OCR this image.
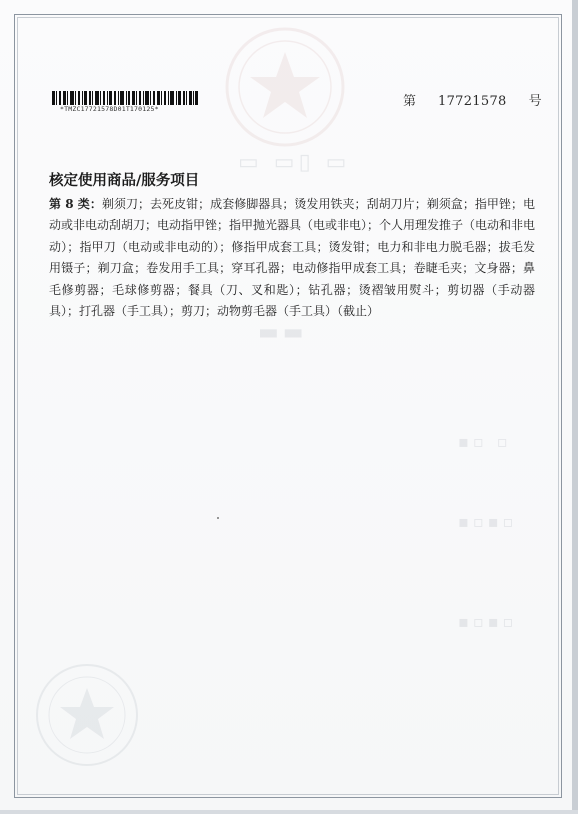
▭ ▭▯ ▭
▬▬
▪▫ ▫
▪▫▪▫
▪▫▪▫
*TMZC17721578D01T170125*	第 17721578 号
核定使用商品/服务项目
第 8 类：剃须刀；去死皮钳；成套修脚器具；烫发用铁夹；刮胡刀片；剃须盒；指甲锉；电动或非电动刮胡刀；电动指甲锉；指甲抛光器具（电或非电）；个人用理发推子（电动和非电动）；指甲刀（电动或非电动的）；修指甲成套工具；烫发钳；电力和非电力脱毛器；拔毛发用镊子；剃刀盒；卷发用手工具；穿耳孔器；电动修指甲成套工具；卷睫毛夹；文身器；鼻毛修剪器；毛球修剪器；餐具（刀、叉和匙）；钻孔器；烫褶皱用熨斗；剪切器（手动器具）；打孔器（手工具）；剪刀；动物剪毛器（手工具）（截止）
